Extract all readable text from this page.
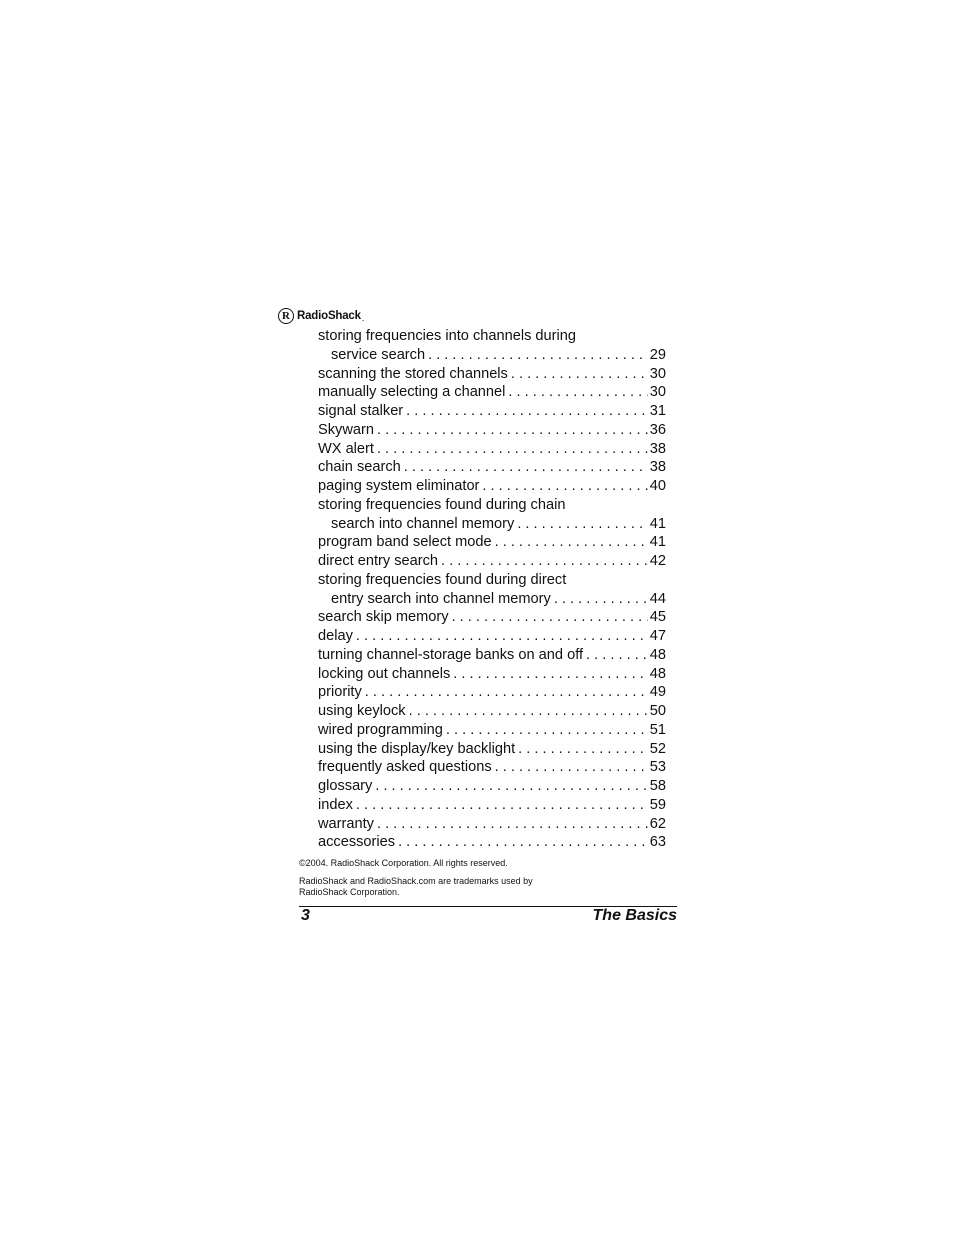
R RadioShack .
storing frequencies into channels during
service search . . .	29
scanning the stored channels . . .	30
manually selecting a channel . . .	30
signal stalker . . .	31
Skywarn . . .	36
WX alert . . .	38
chain search . . .	38
paging system eliminator . . .	40
storing frequencies found during chain
search into channel memory . . .	41
program band select mode . . .	41
direct entry search . . .	42
storing frequencies found during direct
entry search into channel memory . . .	44
search skip memory . . .	45
delay . . .	47
turning channel-storage banks on and off . . .	48
locking out channels . . .	48
priority . . .	49
using keylock . . .	50
wired programming . . .	51
using the display/key backlight . . .	52
frequently asked questions . . .	53
glossary . . .	58
index . . .	59
warranty . . .	62
accessories . . .	63
©2004. RadioShack Corporation. All rights reserved.
RadioShack and RadioShack.com are trademarks used by
RadioShack Corporation.
3	The Basics
